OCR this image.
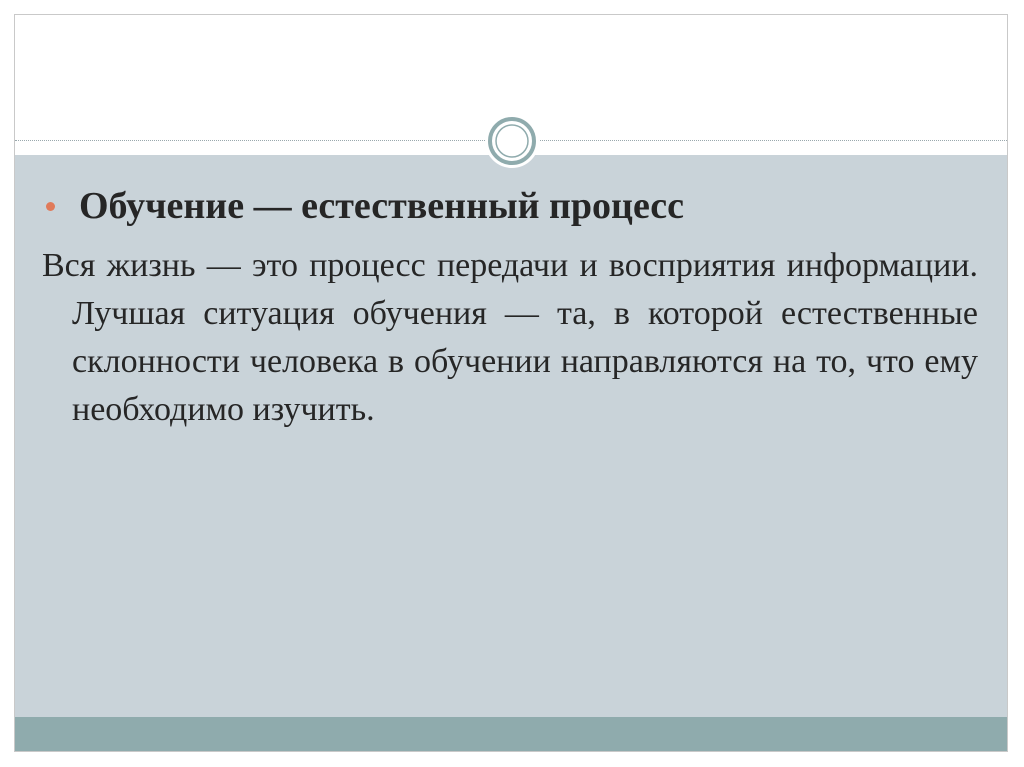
Обучение — естественный процесс

Вся жизнь — это процесс передачи и восприятия информации. Лучшая ситуация обучения — та, в которой естественные склонности человека в обучении направляются на то, что ему необходимо изучить.
